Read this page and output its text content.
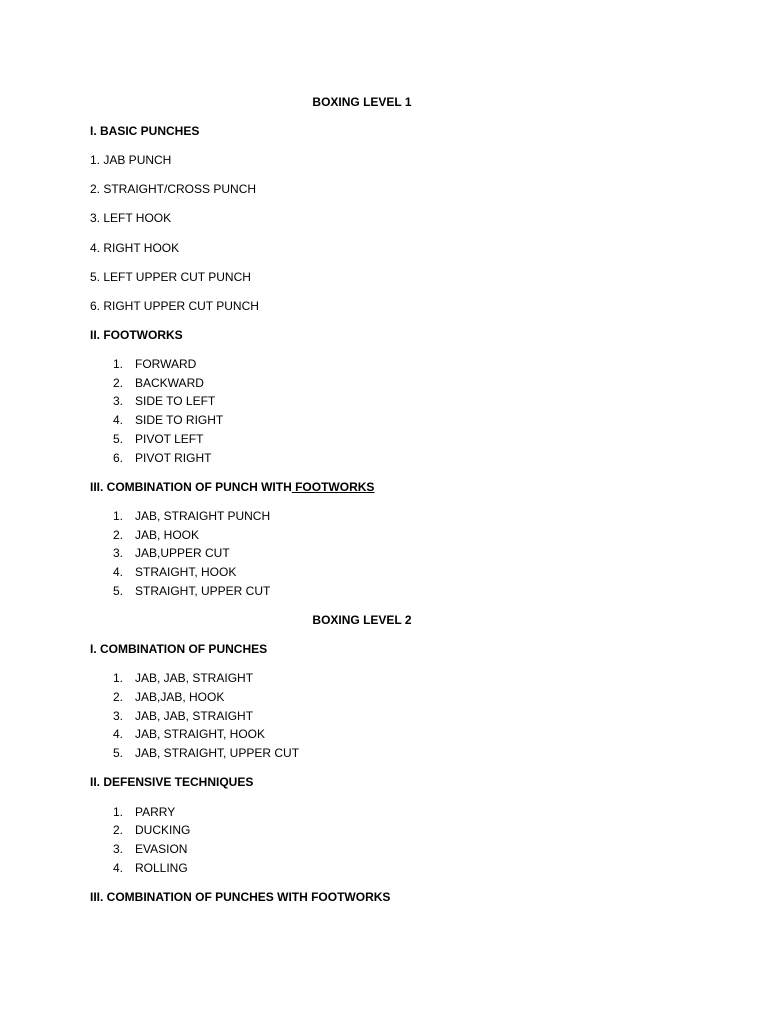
BOXING LEVEL 1
I. BASIC PUNCHES
1. JAB PUNCH
2. STRAIGHT/CROSS PUNCH
3. LEFT HOOK
4. RIGHT HOOK
5. LEFT UPPER CUT PUNCH
6. RIGHT UPPER CUT PUNCH
II. FOOTWORKS
1. FORWARD
2. BACKWARD
3. SIDE TO LEFT
4. SIDE TO RIGHT
5. PIVOT LEFT
6. PIVOT RIGHT
III. COMBINATION OF PUNCH WITH FOOTWORKS
1. JAB, STRAIGHT PUNCH
2. JAB, HOOK
3. JAB,UPPER CUT
4. STRAIGHT, HOOK
5. STRAIGHT, UPPER CUT
BOXING LEVEL 2
I. COMBINATION OF PUNCHES
1. JAB, JAB, STRAIGHT
2. JAB,JAB, HOOK
3. JAB, JAB, STRAIGHT
4. JAB, STRAIGHT, HOOK
5. JAB, STRAIGHT, UPPER CUT
II. DEFENSIVE TECHNIQUES
1. PARRY
2. DUCKING
3. EVASION
4. ROLLING
III. COMBINATION OF PUNCHES WITH FOOTWORKS
